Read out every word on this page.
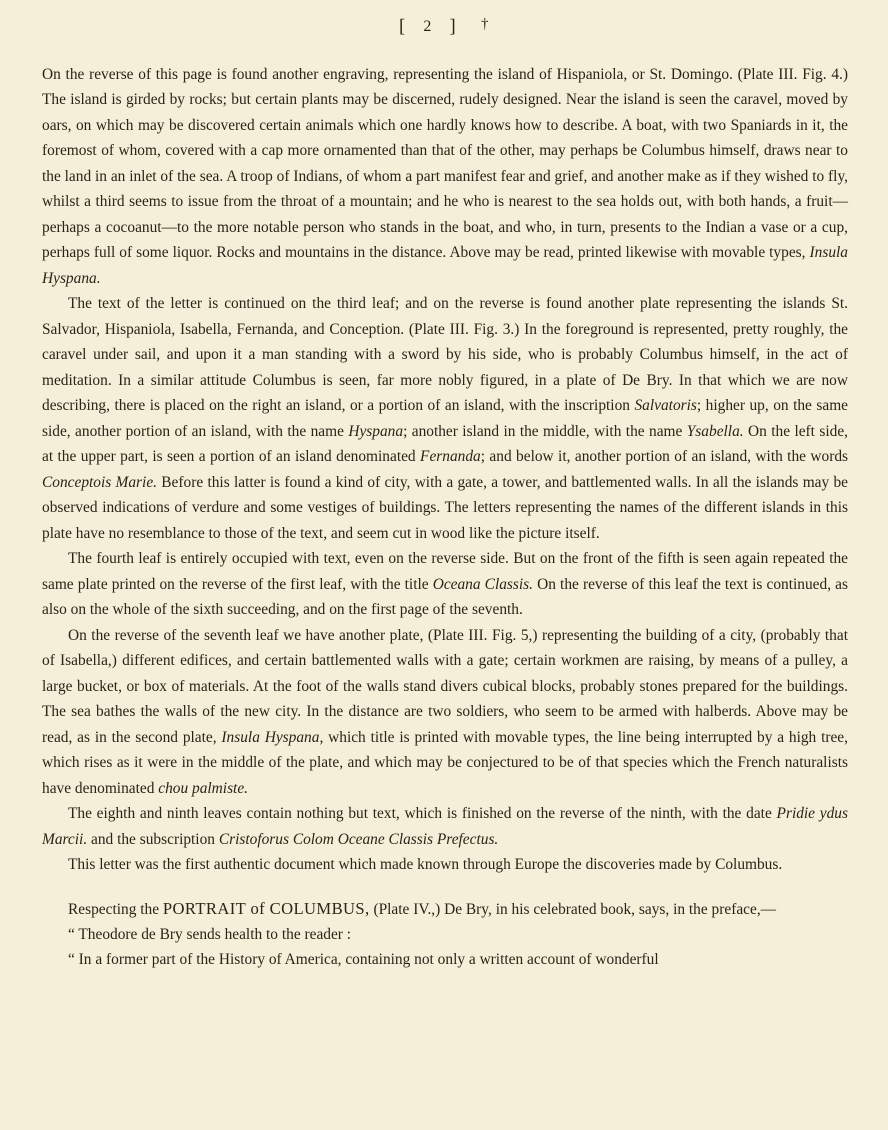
[ 2 ] †

On the reverse of this page is found another engraving, representing the island of Hispaniola, or St. Domingo. (Plate III. Fig. 4.) The island is girded by rocks; but certain plants may be discerned, rudely designed. Near the island is seen the caravel, moved by oars, on which may be discovered certain animals which one hardly knows how to describe. A boat, with two Spaniards in it, the foremost of whom, covered with a cap more ornamented than that of the other, may perhaps be Columbus himself, draws near to the land in an inlet of the sea. A troop of Indians, of whom a part manifest fear and grief, and another make as if they wished to fly, whilst a third seems to issue from the throat of a mountain; and he who is nearest to the sea holds out, with both hands, a fruit—perhaps a cocoanut—to the more notable person who stands in the boat, and who, in turn, presents to the Indian a vase or a cup, perhaps full of some liquor. Rocks and mountains in the distance. Above may be read, printed likewise with movable types, Insula Hyspana.

The text of the letter is continued on the third leaf; and on the reverse is found another plate representing the islands St. Salvador, Hispaniola, Isabella, Fernanda, and Conception. (Plate III. Fig. 3.) In the foreground is represented, pretty roughly, the caravel under sail, and upon it a man standing with a sword by his side, who is probably Columbus himself, in the act of meditation. In a similar attitude Columbus is seen, far more nobly figured, in a plate of De Bry. In that which we are now describing, there is placed on the right an island, or a portion of an island, with the inscription Salvatoris; higher up, on the same side, another portion of an island, with the name Hyspana; another island in the middle, with the name Ysabella. On the left side, at the upper part, is seen a portion of an island denominated Fernanda; and below it, another portion of an island, with the words Conceptois Marie. Before this latter is found a kind of city, with a gate, a tower, and battlemented walls. In all the islands may be observed indications of verdure and some vestiges of buildings. The letters representing the names of the different islands in this plate have no resemblance to those of the text, and seem cut in wood like the picture itself.

The fourth leaf is entirely occupied with text, even on the reverse side. But on the front of the fifth is seen again repeated the same plate printed on the reverse of the first leaf, with the title Oceana Classis. On the reverse of this leaf the text is continued, as also on the whole of the sixth succeeding, and on the first page of the seventh.

On the reverse of the seventh leaf we have another plate, (Plate III. Fig. 5,) representing the building of a city, (probably that of Isabella,) different edifices, and certain battlemented walls with a gate; certain workmen are raising, by means of a pulley, a large bucket, or box of materials. At the foot of the walls stand divers cubical blocks, probably stones prepared for the buildings. The sea bathes the walls of the new city. In the distance are two soldiers, who seem to be armed with halberds. Above may be read, as in the second plate, Insula Hyspana, which title is printed with movable types, the line being interrupted by a high tree, which rises as it were in the middle of the plate, and which may be conjectured to be of that species which the French naturalists have denominated chou palmiste.

The eighth and ninth leaves contain nothing but text, which is finished on the reverse of the ninth, with the date Pridie ydus Marcii. and the subscription Cristoforus Colom Oceane Classis Prefectus.

This letter was the first authentic document which made known through Europe the discoveries made by Columbus.

Respecting the PORTRAIT of COLUMBUS, (Plate IV.,) De Bry, in his celebrated book, says, in the preface,—

“ Theodore de Bry sends health to the reader :

“ In a former part of the History of America, containing not only a written account of wonderful
